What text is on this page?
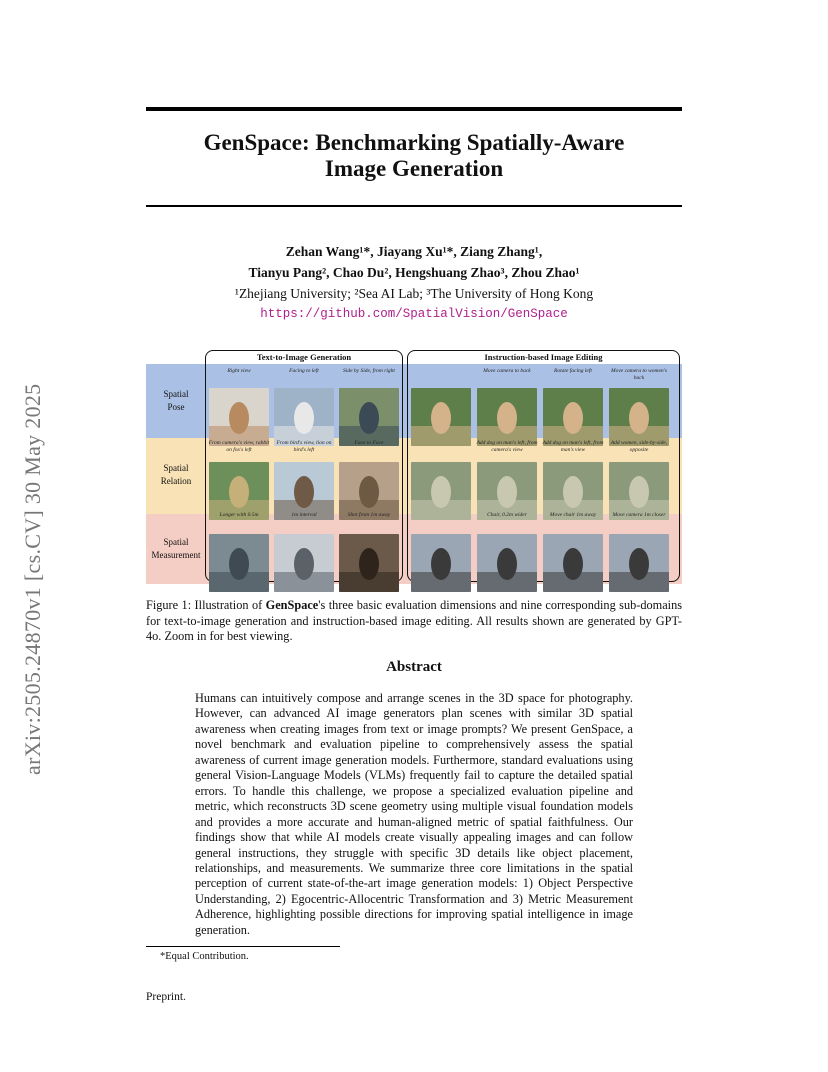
GenSpace: Benchmarking Spatially-Aware
Image Generation
Zehan Wang¹*, Jiayang Xu¹*, Ziang Zhang¹,
Tianyu Pang², Chao Du², Hengshuang Zhao³, Zhou Zhao¹
¹Zhejiang University; ²Sea AI Lab; ³The University of Hong Kong
https://github.com/SpatialVision/GenSpace
arXiv:2505.24870v1 [cs.CV] 30 May 2025	Spatial
Pose
Spatial
Relation
Spatial
Measurement
Text-to-Image Generation	Instruction-based Image Editing
Right view	Facing to left	Side by Side, from right
From camera's view, rabbit on fox's left
From bird's view, lion on bird's left
Face to Face
Longer with 0.5m	1m interval	Shot from 1m away
Move camera to back	Rotate facing left	Move camera to women's back
Add dog on man's left, from camera's view
Add dog on man's left, from man's view
Add women, side-by-side, opposite
Chair, 0.2m wider	Move chair 1m away	Move camera 1m closer
Figure 1: Illustration of GenSpace's three basic evaluation dimensions and nine corresponding sub-domains for text-to-image generation and instruction-based image editing. All results shown are generated by GPT-4o. Zoom in for best viewing.
Abstract
Humans can intuitively compose and arrange scenes in the 3D space for photography. However, can advanced AI image generators plan scenes with similar 3D spatial awareness when creating images from text or image prompts? We present GenSpace, a novel benchmark and evaluation pipeline to comprehensively assess the spatial awareness of current image generation models. Furthermore, standard evaluations using general Vision-Language Models (VLMs) frequently fail to capture the detailed spatial errors. To handle this challenge, we propose a specialized evaluation pipeline and metric, which reconstructs 3D scene geometry using multiple visual foundation models and provides a more accurate and human-aligned metric of spatial faithfulness. Our findings show that while AI models create visually appealing images and can follow general instructions, they struggle with specific 3D details like object placement, relationships, and measurements. We summarize three core limitations in the spatial perception of current state-of-the-art image generation models: 1) Object Perspective Understanding, 2) Egocentric-Allocentric Transformation and 3) Metric Measurement Adherence, highlighting possible directions for improving spatial intelligence in image generation.
*Equal Contribution.
Preprint.
